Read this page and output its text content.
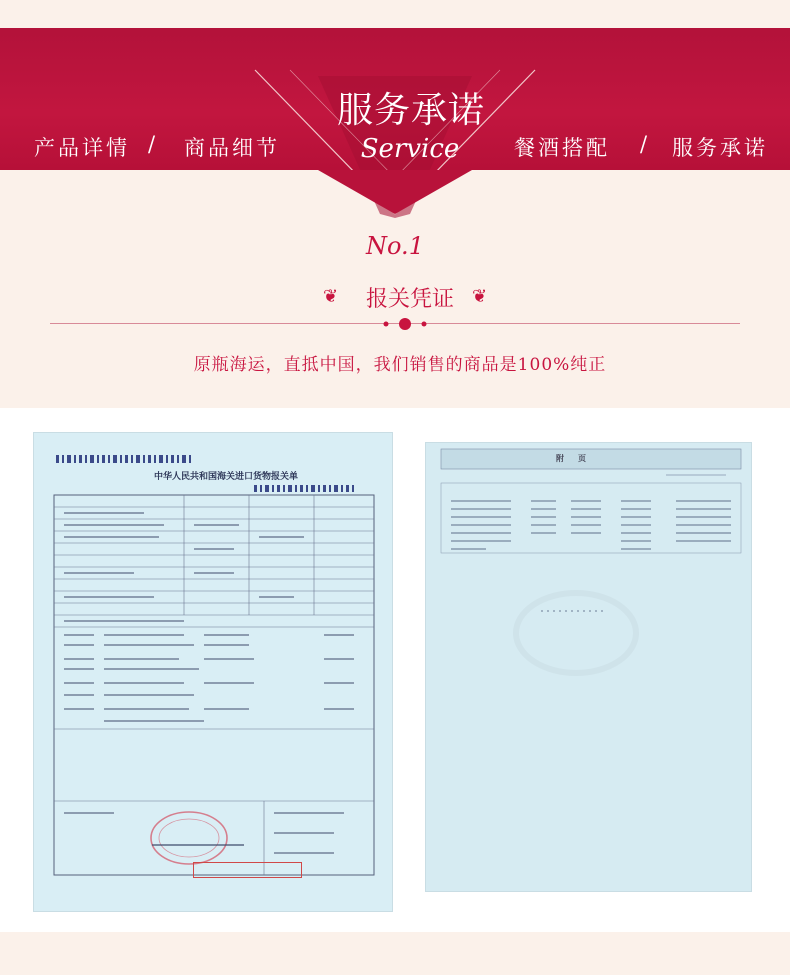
产品详情 / 商品细节	餐酒搭配 / 服务承诺
服务承诺
Service
No.1
❦	报关凭证	❦
原瓶海运，直抵中国，我们销售的商品是100%纯正
中华人民共和国海关进口货物报关单
附页
